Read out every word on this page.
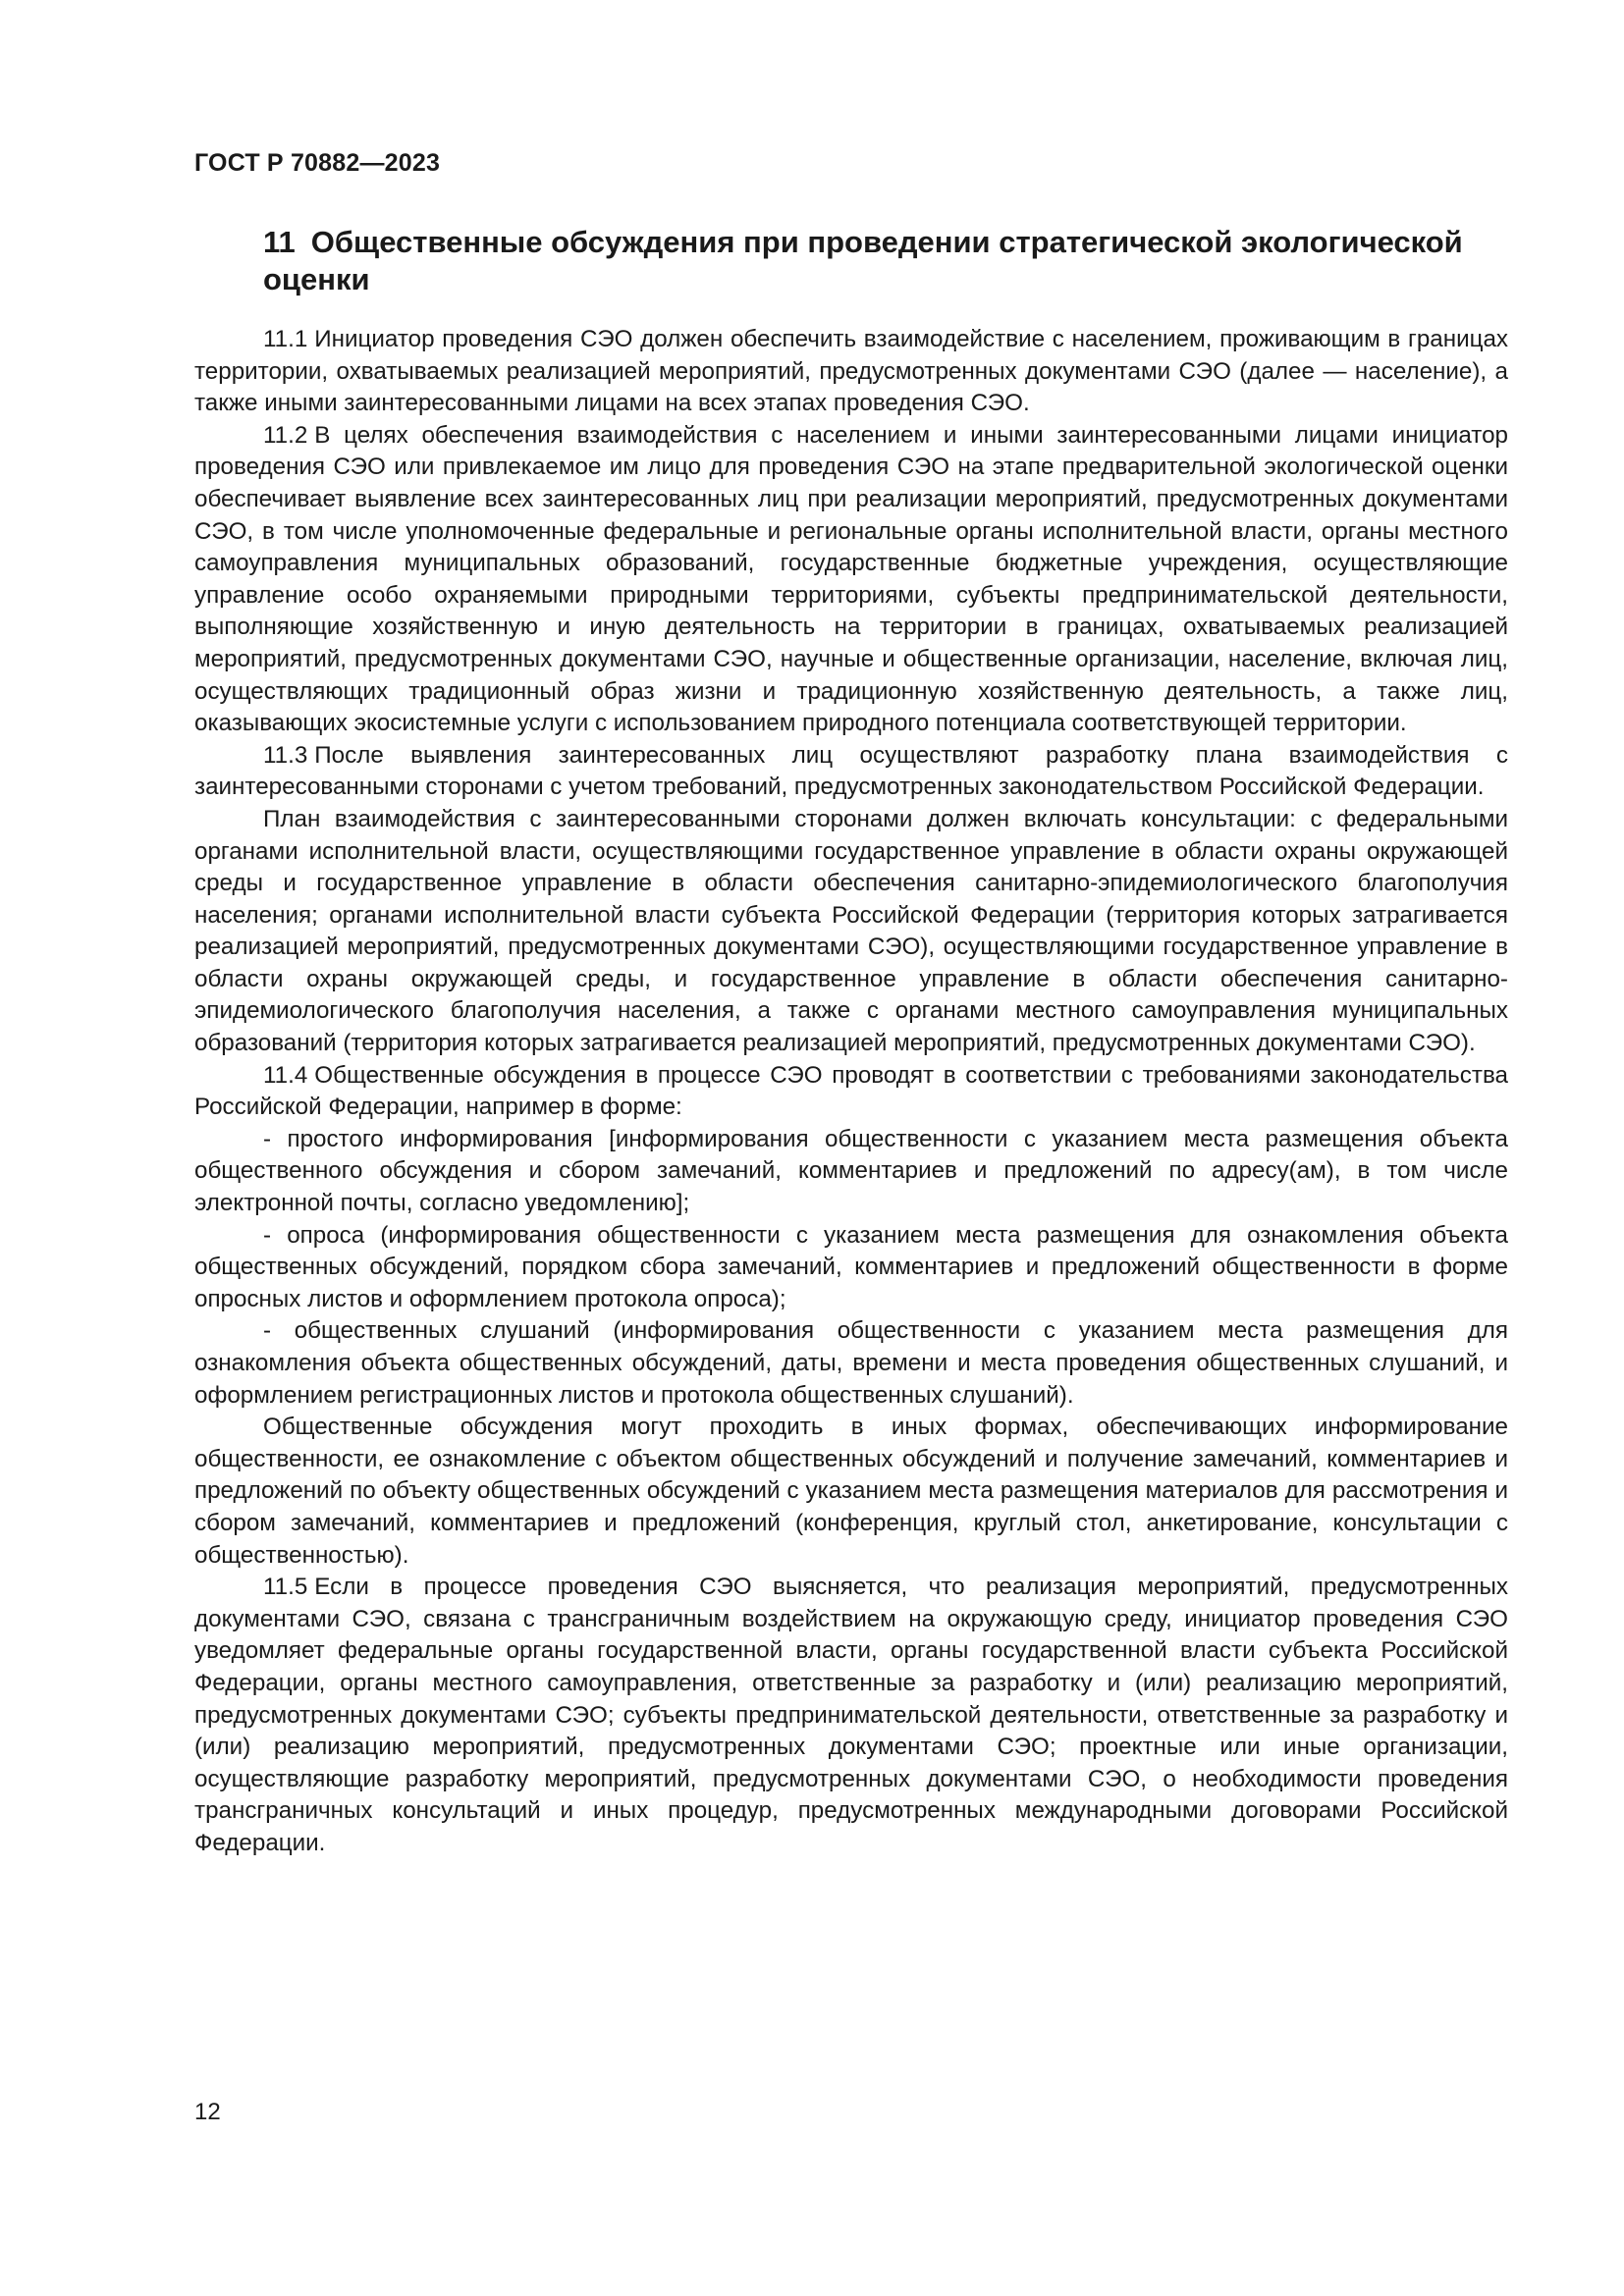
ГОСТ Р 70882—2023
11 Общественные обсуждения при проведении стратегической экологической оценки

11.1 Инициатор проведения СЭО должен обеспечить взаимодействие с населением, проживающим в границах территории, охватываемых реализацией мероприятий, предусмотренных документами СЭО (далее — население), а также иными заинтересованными лицами на всех этапах проведения СЭО.

11.2 В целях обеспечения взаимодействия с населением и иными заинтересованными лицами инициатор проведения СЭО или привлекаемое им лицо для проведения СЭО на этапе предварительной экологической оценки обеспечивает выявление всех заинтересованных лиц при реализации мероприятий, предусмотренных документами СЭО, в том числе уполномоченные федеральные и региональные органы исполнительной власти, органы местного самоуправления муниципальных образований, государственные бюджетные учреждения, осуществляющие управление особо охраняемыми природными территориями, субъекты предпринимательской деятельности, выполняющие хозяйственную и иную деятельность на территории в границах, охватываемых реализацией мероприятий, предусмотренных документами СЭО, научные и общественные организации, население, включая лиц, осуществляющих традиционный образ жизни и традиционную хозяйственную деятельность, а также лиц, оказывающих экосистемные услуги с использованием природного потенциала соответствующей территории.

11.3 После выявления заинтересованных лиц осуществляют разработку плана взаимодействия с заинтересованными сторонами с учетом требований, предусмотренных законодательством Российской Федерации.

План взаимодействия с заинтересованными сторонами должен включать консультации: с федеральными органами исполнительной власти, осуществляющими государственное управление в области охраны окружающей среды и государственное управление в области обеспечения санитарно-эпидемиологического благополучия населения; органами исполнительной власти субъекта Российской Федерации (территория которых затрагивается реализацией мероприятий, предусмотренных документами СЭО), осуществляющими государственное управление в области охраны окружающей среды, и государственное управление в области обеспечения санитарно-эпидемиологического благополучия населения, а также с органами местного самоуправления муниципальных образований (территория которых затрагивается реализацией мероприятий, предусмотренных документами СЭО).

11.4 Общественные обсуждения в процессе СЭО проводят в соответствии с требованиями законодательства Российской Федерации, например в форме:

- простого информирования [информирования общественности с указанием места размещения объекта общественного обсуждения и сбором замечаний, комментариев и предложений по адресу(ам), в том числе электронной почты, согласно уведомлению];

- опроса (информирования общественности с указанием места размещения для ознакомления объекта общественных обсуждений, порядком сбора замечаний, комментариев и предложений общественности в форме опросных листов и оформлением протокола опроса);

- общественных слушаний (информирования общественности с указанием места размещения для ознакомления объекта общественных обсуждений, даты, времени и места проведения общественных слушаний, и оформлением регистрационных листов и протокола общественных слушаний).

Общественные обсуждения могут проходить в иных формах, обеспечивающих информирование общественности, ее ознакомление с объектом общественных обсуждений и получение замечаний, комментариев и предложений по объекту общественных обсуждений с указанием места размещения материалов для рассмотрения и сбором замечаний, комментариев и предложений (конференция, круглый стол, анкетирование, консультации с общественностью).

11.5 Если в процессе проведения СЭО выясняется, что реализация мероприятий, предусмотренных документами СЭО, связана с трансграничным воздействием на окружающую среду, инициатор проведения СЭО уведомляет федеральные органы государственной власти, органы государственной власти субъекта Российской Федерации, органы местного самоуправления, ответственные за разработку и (или) реализацию мероприятий, предусмотренных документами СЭО; субъекты предпринимательской деятельности, ответственные за разработку и (или) реализацию мероприятий, предусмотренных документами СЭО; проектные или иные организации, осуществляющие разработку мероприятий, предусмотренных документами СЭО, о необходимости проведения трансграничных консультаций и иных процедур, предусмотренных международными договорами Российской Федерации.

12
